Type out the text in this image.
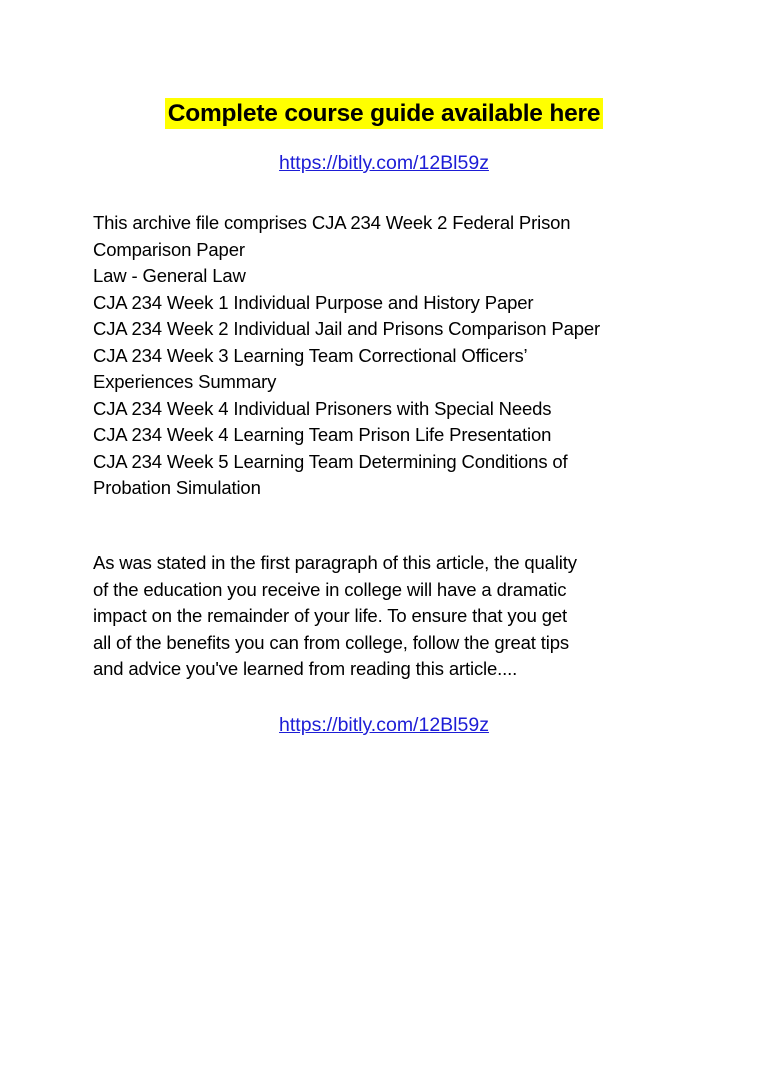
Complete course guide available here
https://bitly.com/12Bl59z
This archive file comprises CJA 234 Week 2 Federal Prison
Comparison Paper
Law - General Law
CJA 234 Week 1 Individual Purpose and History Paper
CJA 234 Week 2 Individual Jail and Prisons Comparison Paper
CJA 234 Week 3 Learning Team Correctional Officers’
Experiences Summary
CJA 234 Week 4 Individual Prisoners with Special Needs
CJA 234 Week 4 Learning Team Prison Life Presentation
CJA 234 Week 5 Learning Team Determining Conditions of
Probation Simulation
As was stated in the first paragraph of this article, the quality
of the education you receive in college will have a dramatic
impact on the remainder of your life. To ensure that you get
all of the benefits you can from college, follow the great tips
and advice you've learned from reading this article....
https://bitly.com/12Bl59z
